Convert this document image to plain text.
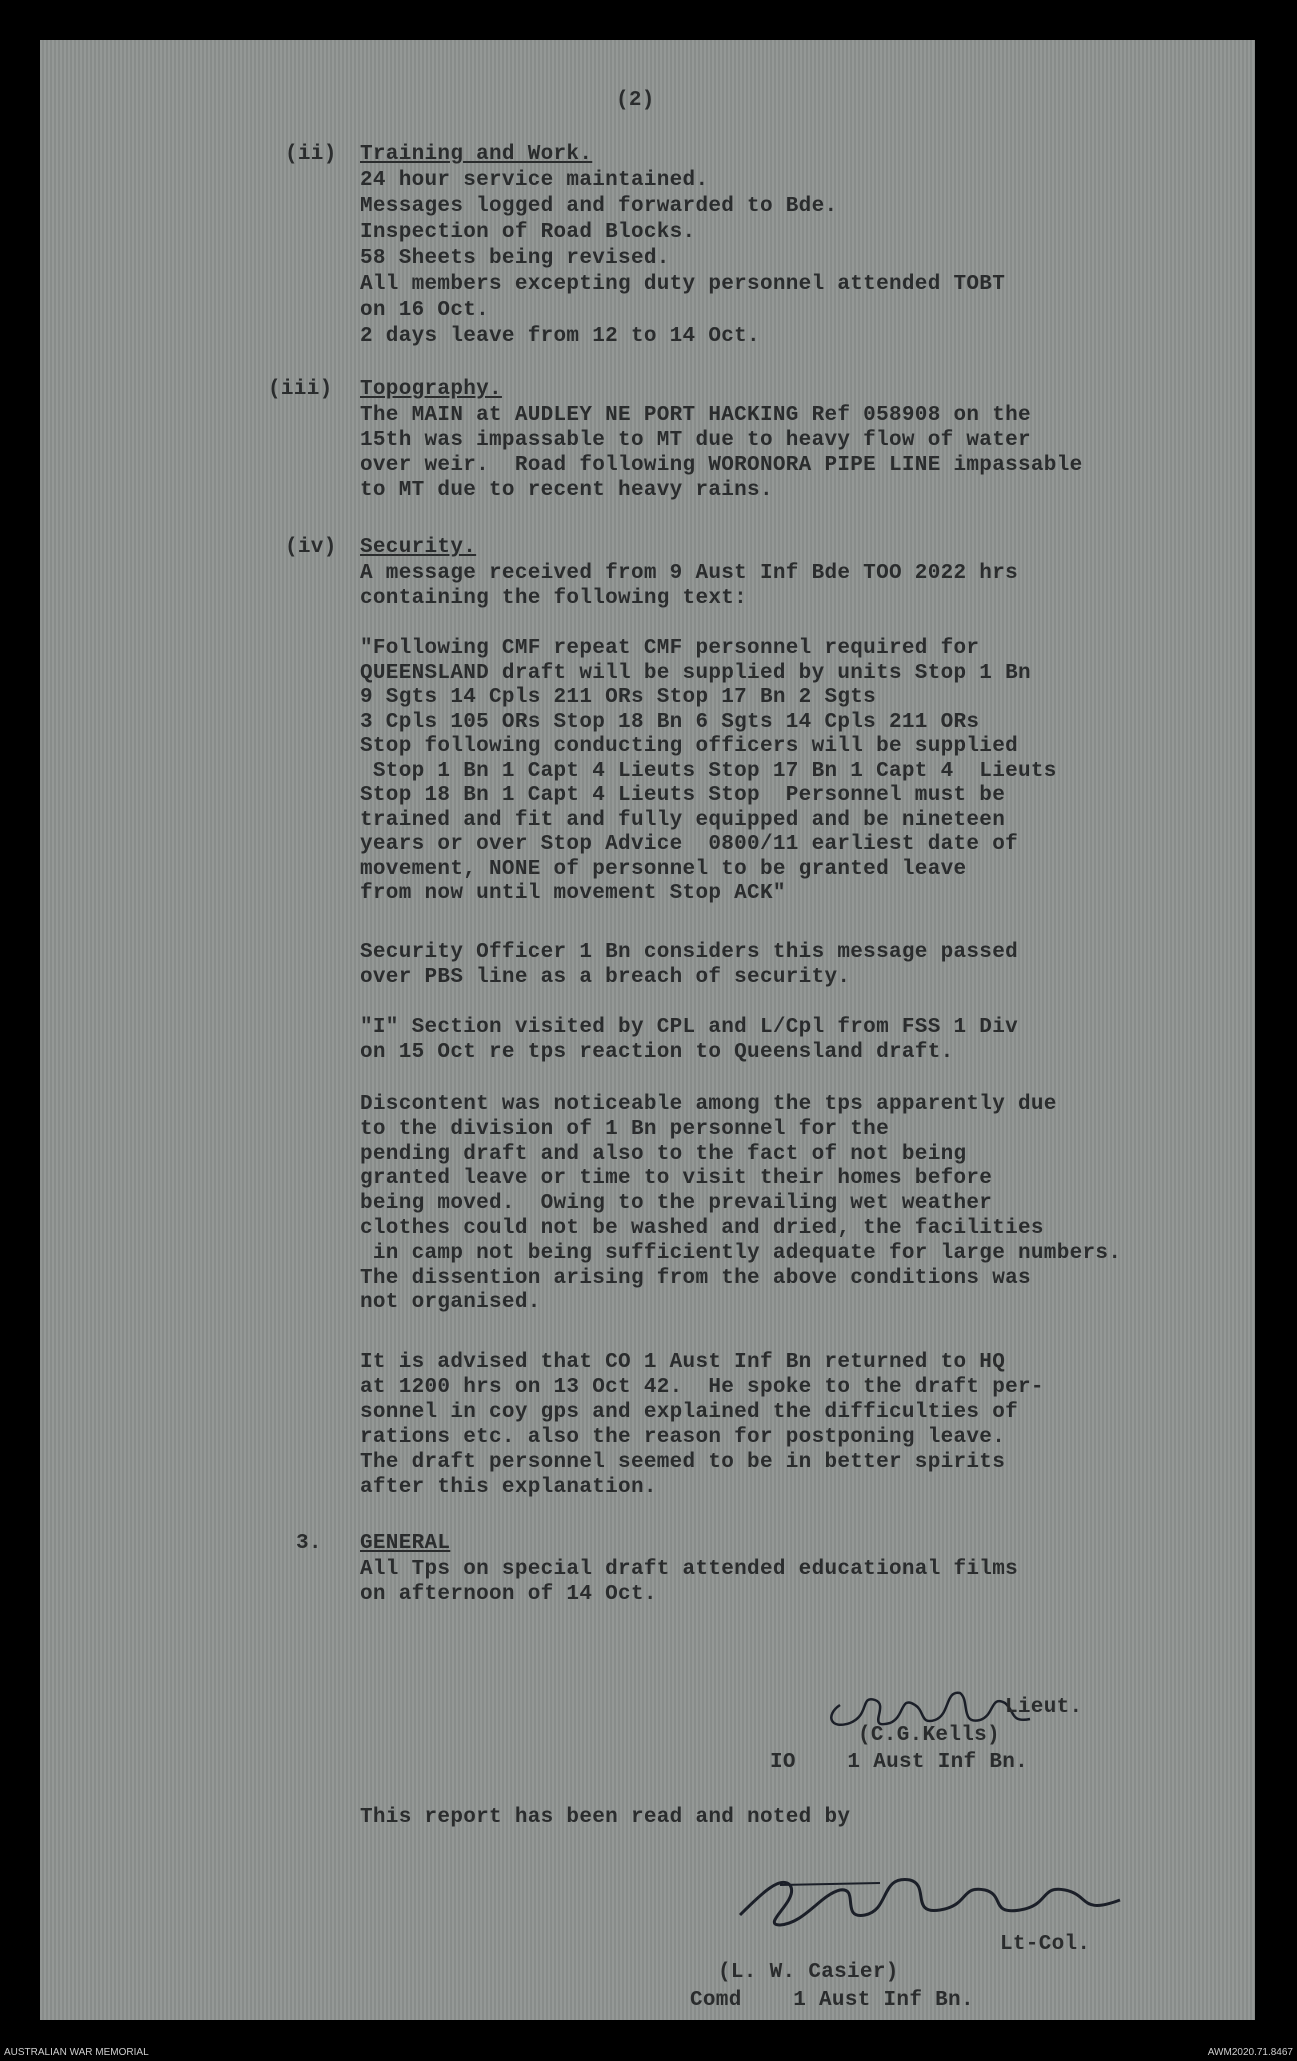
(2)
(ii) Training and Work.
24 hour service maintained.
Messages logged and forwarded to Bde.
Inspection of Road Blocks.
58 Sheets being revised.
All members excepting duty personnel attended TOBT
on 16 Oct.
2 days leave from 12 to 14 Oct.
(iii) Topography.
The MAIN at AUDLEY NE PORT HACKING Ref 058908 on the
15th was impassable to MT due to heavy flow of water
over weir.  Road following WORONORA PIPE LINE impassable
to MT due to recent heavy rains.
(iv) Security.
A message received from 9 Aust Inf Bde TOO 2022 hrs
containing the following text:
"Following CMF repeat CMF personnel required for
QUEENSLAND draft will be supplied by units Stop 1 Bn
9 Sgts 14 Cpls 211 ORs Stop 17 Bn 2 Sgts
3 Cpls 105 ORs Stop 18 Bn 6 Sgts 14 Cpls 211 ORs
Stop following conducting officers will be supplied
Stop 1 Bn 1 Capt 4 Lieuts Stop 17 Bn 1 Capt 4  Lieuts
Stop 18 Bn 1 Capt 4 Lieuts Stop  Personnel must be
trained and fit and fully equipped and be nineteen
years or over Stop Advice  0800/11 earliest date of
movement, NONE of personnel to be granted leave
from now until movement Stop ACK"
Security Officer 1 Bn considers this message passed
over PBS line as a breach of security.
"I" Section visited by CPL and L/Cpl from FSS 1 Div
on 15 Oct re tps reaction to Queensland draft.
Discontent was noticeable among the tps apparently due
to the division of 1 Bn personnel for the
pending draft and also to the fact of not being
granted leave or time to visit their homes before
being moved.  Owing to the prevailing wet weather
clothes could not be washed and dried, the facilities
in camp not being sufficiently adequate for large numbers.
The dissention arising from the above conditions was
not organised.
It is advised that CO 1 Aust Inf Bn returned to HQ
at 1200 hrs on 13 Oct 42.  He spoke to the draft per-
sonnel in coy gps and explained the difficulties of
rations etc. also the reason for postponing leave.
The draft personnel seemed to be in better spirits
after this explanation.
3. GENERAL
All Tps on special draft attended educational films
on afternoon of 14 Oct.
Lieut.
(C.G.Kells)
IO    1 Aust Inf Bn.
This report has been read and noted by
Lt-Col.
(L. W. Casier)
Comd    1 Aust Inf Bn.
AUSTRALIAN WAR MEMORIAL	AWM2020.71.8467
